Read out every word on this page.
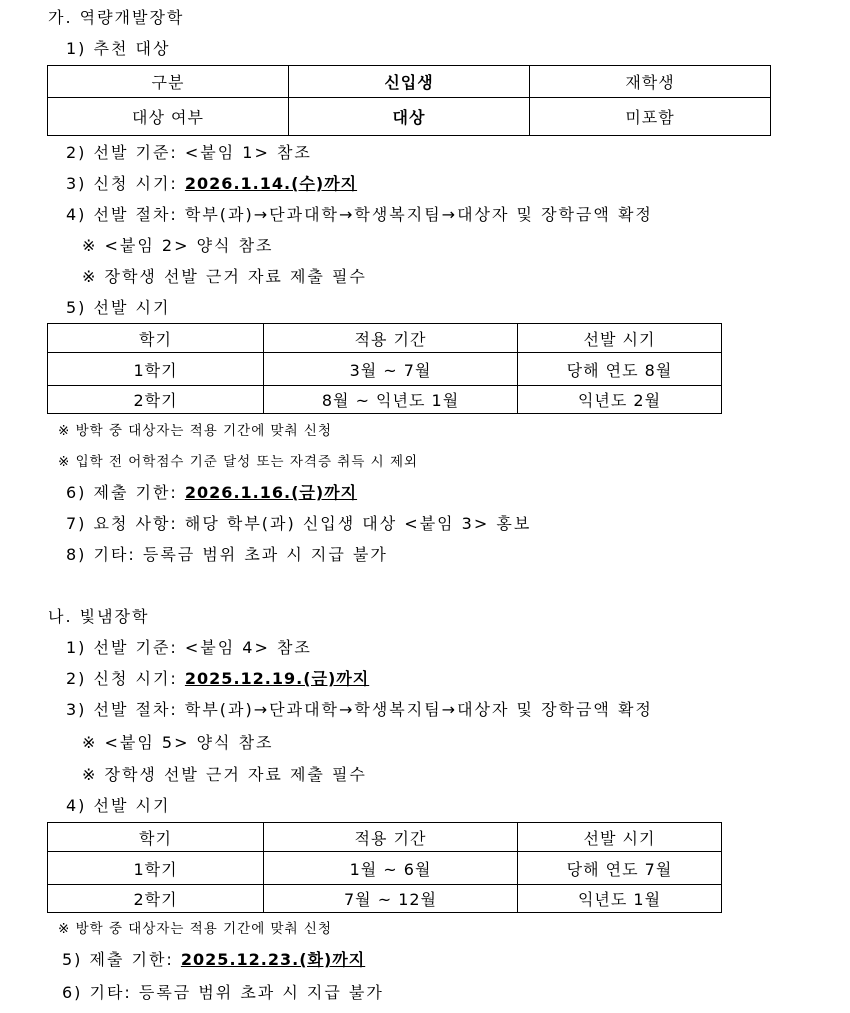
가. 역량개발장학
1) 추천 대상
구분	신입생	재학생
대상 여부	대상	미포함
2) 선발 기준: <붙임 1> 참조
3) 신청 시기: 2026.1.14.(수)까지
4) 선발 절차: 학부(과)→단과대학→학생복지팀→대상자 및 장학금액 확정
※ <붙임 2> 양식 참조
※ 장학생 선발 근거 자료 제출 필수
5) 선발 시기
학기	적용 기간	선발 시기
1학기	3월 ~ 7월	당해 연도 8월
2학기	8월 ~ 익년도 1월	익년도 2월
※ 방학 중 대상자는 적용 기간에 맞춰 신청
※ 입학 전 어학점수 기준 달성 또는 자격증 취득 시 제외
6) 제출 기한: 2026.1.16.(금)까지
7) 요청 사항: 해당 학부(과) 신입생 대상 <붙임 3> 홍보
8) 기타: 등록금 범위 초과 시 지급 불가
나. 빛냄장학
1) 선발 기준: <붙임 4> 참조
2) 신청 시기: 2025.12.19.(금)까지
3) 선발 절차: 학부(과)→단과대학→학생복지팀→대상자 및 장학금액 확정
※ <붙임 5> 양식 참조
※ 장학생 선발 근거 자료 제출 필수
4) 선발 시기
학기	적용 기간	선발 시기
1학기	1월 ~ 6월	당해 연도 7월
2학기	7월 ~ 12월	익년도 1월
※ 방학 중 대상자는 적용 기간에 맞춰 신청
5) 제출 기한: 2025.12.23.(화)까지
6) 기타: 등록금 범위 초과 시 지급 불가
